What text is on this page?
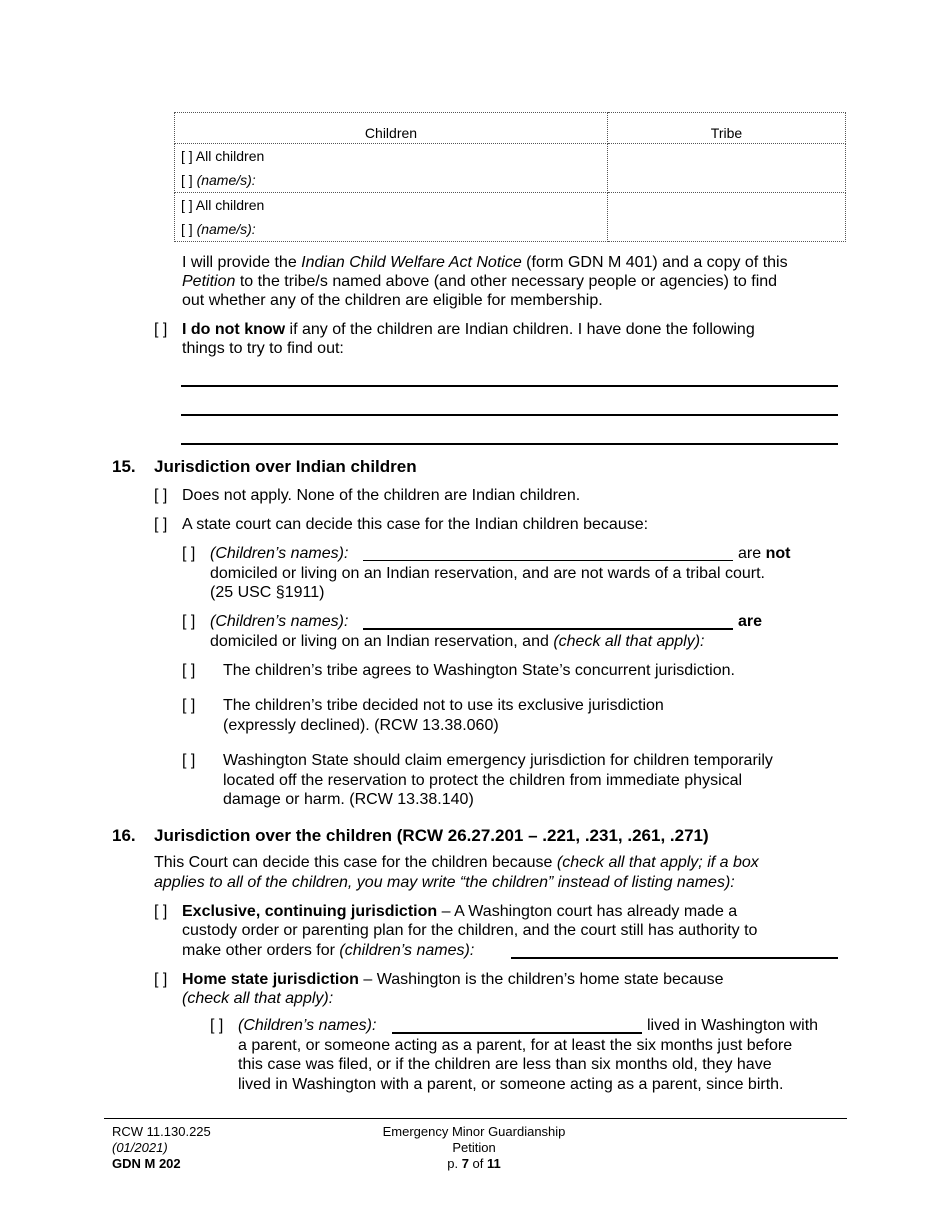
Children	Tribe

[ ] All children
[ ] (name/s):	

[ ] All children
[ ] (name/s):	

I will provide the Indian Child Welfare Act Notice (form GDN M 401) and a copy of this
Petition to the tribe/s named above (and other necessary people or agencies) to find
out whether any of the children are eligible for membership.
[ ] I do not know if any of the children are Indian children. I have done the following
things to try to find out:
15. Jurisdiction over Indian children
[ ] Does not apply. None of the children are Indian children.
[ ] A state court can decide this case for the Indian children because:
[ ] (Children’s names):	are not
domiciled or living on an Indian reservation, and are not wards of a tribal court.
(25 USC §1911)
[ ] (Children’s names):	are
domiciled or living on an Indian reservation, and (check all that apply):
[ ] The children’s tribe agrees to Washington State’s concurrent jurisdiction.
[ ] The children’s tribe decided not to use its exclusive jurisdiction
(expressly declined). (RCW 13.38.060)
[ ] Washington State should claim emergency jurisdiction for children temporarily
located off the reservation to protect the children from immediate physical
damage or harm. (RCW 13.38.140)
16. Jurisdiction over the children (RCW 26.27.201 – .221, .231, .261, .271)
This Court can decide this case for the children because (check all that apply; if a box
applies to all of the children, you may write “the children” instead of listing names):
[ ] Exclusive, continuing jurisdiction – A Washington court has already made a
custody order or parenting plan for the children, and the court still has authority to
make other orders for (children’s names):
[ ] Home state jurisdiction – Washington is the children’s home state because
(check all that apply):
[ ] (Children’s names):	lived in Washington with
a parent, or someone acting as a parent, for at least the six months just before
this case was filed, or if the children are less than six months old, they have
lived in Washington with a parent, or someone acting as a parent, since birth.
RCW 11.130.225
(01/2021)
GDN M 202
Emergency Minor Guardianship
Petition
p. 7 of 11
